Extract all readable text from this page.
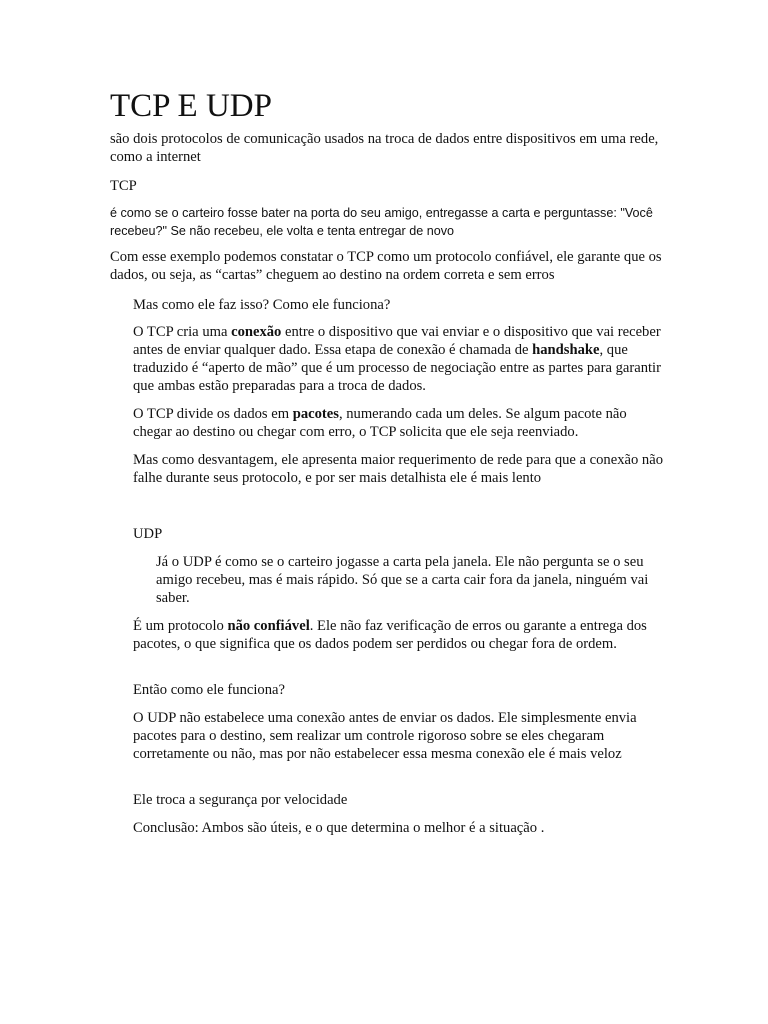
TCP E UDP

são dois protocolos de comunicação usados na troca de dados entre dispositivos em uma rede, como a internet

TCP

é como se o carteiro fosse bater na porta do seu amigo, entregasse a carta e perguntasse: "Você recebeu?" Se não recebeu, ele volta e tenta entregar de novo

Com esse exemplo podemos constatar o TCP como um protocolo confiável, ele garante que os dados, ou seja, as “cartas” cheguem ao destino na ordem correta e sem erros

Mas como ele faz isso? Como ele funciona?

O TCP cria uma conexão entre o dispositivo que vai enviar e o dispositivo que vai receber antes de enviar qualquer dado. Essa etapa de conexão é chamada de handshake, que traduzido é “aperto de mão” que é um processo de negociação entre as partes para garantir que ambas estão preparadas para a troca de dados.

O TCP divide os dados em pacotes, numerando cada um deles. Se algum pacote não chegar ao destino ou chegar com erro, o TCP solicita que ele seja reenviado.

Mas como desvantagem, ele apresenta maior requerimento de rede para que a conexão não falhe durante seus protocolo, e por ser mais detalhista ele é mais lento

UDP

Já o UDP é como se o carteiro jogasse a carta pela janela. Ele não pergunta se o seu amigo recebeu, mas é mais rápido. Só que se a carta cair fora da janela, ninguém vai saber.

É um protocolo não confiável. Ele não faz verificação de erros ou garante a entrega dos pacotes, o que significa que os dados podem ser perdidos ou chegar fora de ordem.

Então como ele funciona?

O UDP não estabelece uma conexão antes de enviar os dados. Ele simplesmente envia pacotes para o destino, sem realizar um controle rigoroso sobre se eles chegaram corretamente ou não, mas por não estabelecer essa mesma conexão ele é mais veloz

Ele troca a segurança por velocidade

Conclusão: Ambos são úteis, e o que determina o melhor é a situação .
